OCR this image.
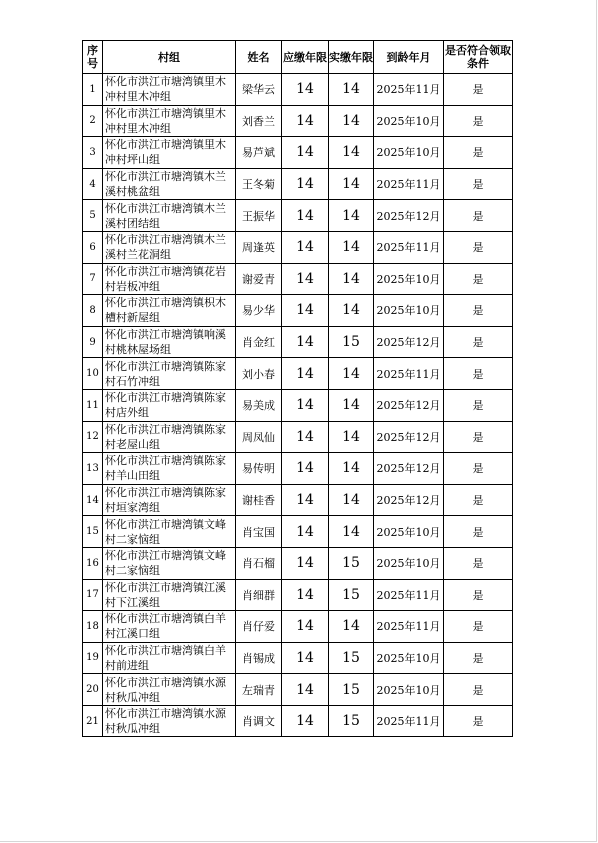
序号	村组	姓名	应缴年限	实缴年限	到龄年月	是否符合领取条件
1	怀化市洪江市塘湾镇里木冲村里木冲组	梁华云	14	14	2025年11月	是
2	怀化市洪江市塘湾镇里木冲村里木冲组	刘香兰	14	14	2025年10月	是
3	怀化市洪江市塘湾镇里木冲村坪山组	易芦斌	14	14	2025年10月	是
4	怀化市洪江市塘湾镇木兰溪村桃盆组	王冬菊	14	14	2025年11月	是
5	怀化市洪江市塘湾镇木兰溪村团结组	王振华	14	14	2025年12月	是
6	怀化市洪江市塘湾镇木兰溪村兰花洞组	周逢英	14	14	2025年11月	是
7	怀化市洪江市塘湾镇花岩村岩板冲组	谢爱青	14	14	2025年10月	是
8	怀化市洪江市塘湾镇枳木槽村新屋组	易少华	14	14	2025年10月	是
9	怀化市洪江市塘湾镇响溪村桃林屋场组	肖金红	14	15	2025年12月	是
10	怀化市洪江市塘湾镇陈家村石竹冲组	刘小春	14	14	2025年11月	是
11	怀化市洪江市塘湾镇陈家村店外组	易美成	14	14	2025年12月	是
12	怀化市洪江市塘湾镇陈家村老屋山组	周凤仙	14	14	2025年12月	是
13	怀化市洪江市塘湾镇陈家村羊山田组	易传明	14	14	2025年12月	是
14	怀化市洪江市塘湾镇陈家村垣家湾组	谢桂香	14	14	2025年12月	是
15	怀化市洪江市塘湾镇文峰村二家恼组	肖宝国	14	14	2025年10月	是
16	怀化市洪江市塘湾镇文峰村二家恼组	肖石榴	14	15	2025年10月	是
17	怀化市洪江市塘湾镇江溪村下江溪组	肖细群	14	15	2025年11月	是
18	怀化市洪江市塘湾镇白羊村江溪口组	肖仔爱	14	14	2025年11月	是
19	怀化市洪江市塘湾镇白羊村前进组	肖锡成	14	15	2025年10月	是
20	怀化市洪江市塘湾镇水源村秋瓜冲组	左瑞青	14	15	2025年10月	是
21	怀化市洪江市塘湾镇水源村秋瓜冲组	肖调文	14	15	2025年11月	是
